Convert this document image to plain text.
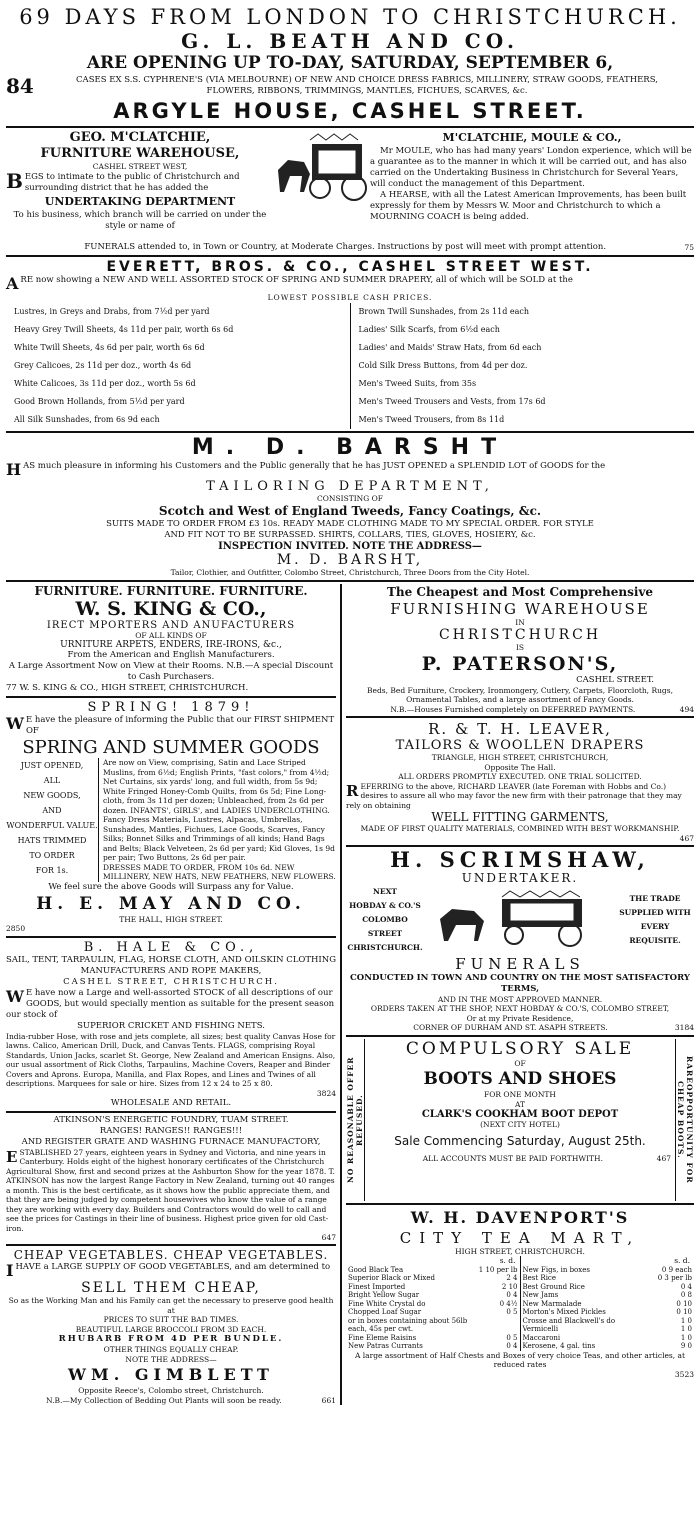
69 DAYS FROM LONDON TO CHRISTCHURCH.
G. L. BEATH AND CO.
ARE OPENING UP TO-DAY, SATURDAY, SEPTEMBER 6,
84	CASES EX S.S. CYPHRENE'S (VIA MELBOURNE) OF NEW AND CHOICE DRESS FABRICS, MILLINERY, STRAW GOODS, FEATHERS,
FLOWERS, RIBBONS, TRIMMINGS, MANTLES, FICHUES, SCARVES, &c.
ARGYLE HOUSE, CASHEL STREET.
GEO. M'CLATCHIE,
FURNITURE WAREHOUSE,
CASHEL STREET WEST,
BEGS to intimate to the public of Christchurch and surrounding district that he has added the
UNDERTAKING DEPARTMENT
To his business, which branch will be carried on under the style or name of
M'CLATCHIE, MOULE & CO.,
Mr MOULE, who has had many years' London experience, which will be a guarantee as to the manner in which it will be carried out, and has also carried on the Undertaking Business in Christchurch for Several Years, will conduct the management of this Department.
A HEARSE, with all the Latest American Improvements, has been built expressly for them by Messrs W. Moor and Christchurch to which a MOURNING COACH is being added.
FUNERALS attended to, in Town or Country, at Moderate Charges. Instructions by post will meet with prompt attention.	75
EVERETT, BROS. & CO., CASHEL STREET WEST.
ARE now showing a NEW AND WELL ASSORTED STOCK OF SPRING AND SUMMER DRAPERY, all of which will be SOLD at the
LOWEST POSSIBLE CASH PRICES.
Lustres, in Greys and Drabs, from 7½d per yard
Heavy Grey Twill Sheets, 4s 11d per pair, worth 6s 6d
White Twill Sheets, 4s 6d per pair, worth 6s 6d
Grey Calicoes, 2s 11d per doz., worth 4s 6d
White Calicoes, 3s 11d per doz., worth 5s 6d
Good Brown Hollands, from 5½d per yard
All Silk Sunshades, from 6s 9d each
Brown Twill Sunshades, from 2s 11d each
Ladies' Silk Scarfs, from 6½d each
Ladies' and Maids' Straw Hats, from 6d each
Cold Silk Dress Buttons, from 4d per doz.
Men's Tweed Suits, from 35s
Men's Tweed Trousers and Vests, from 17s 6d
Men's Tweed Trousers, from 8s 11d
M. D. BARSHT
HAS much pleasure in informing his Customers and the Public generally that he has JUST OPENED a SPLENDID LOT of GOODS for the
TAILORING DEPARTMENT,
CONSISTING OF
Scotch and West of England Tweeds, Fancy Coatings, &c.
SUITS MADE TO ORDER FROM £3 10s. READY MADE CLOTHING MADE TO MY SPECIAL ORDER. FOR STYLE
AND FIT NOT TO BE SURPASSED. SHIRTS, COLLARS, TIES, GLOVES, HOSIERY, &c.
INSPECTION INVITED. NOTE THE ADDRESS—
M. D. BARSHT,
Tailor, Clothier, and Outfitter, Colombo Street, Christchurch, Three Doors from the City Hotel.
FURNITURE. FURNITURE. FURNITURE.
W. S. KING & CO.,
IRECT MPORTERS AND ANUFACTURERS
OF ALL KINDS OF
URNITURE ARPETS, ENDERS, IRE-IRONS, &c.,
From the American and English Manufacturers.
A Large Assortment Now on View at their Rooms. N.B.—A special Discount to Cash Purchasers.
77 W. S. KING & CO., HIGH STREET, CHRISTCHURCH.
SPRING! 1879!
W E have the pleasure of informing the Public that our FIRST SHIPMENT OF
SPRING AND SUMMER GOODS
JUST OPENED,
ALL
NEW GOODS,
AND
WONDERFUL VALUE.
HATS TRIMMED
TO ORDER
FOR 1s.
Are now on View, comprising, Satin and Lace Striped Muslins, from 6½d; English Prints, "fast colors," from 4½d; Net Curtains, six yards' long, and full width, from 5s 9d; White Fringed Honey-Comb Quilts, from 6s 5d; Fine Long-cloth, from 3s 11d per dozen; Unbleached, from 2s 6d per dozen. INFANTS', GIRLS', and LADIES UNDERCLOTHING. Fancy Dress Materials, Lustres, Alpacas, Umbrellas, Sunshades, Mantles, Fichues, Lace Goods, Scarves, Fancy Silks; Bonnet Silks and Trimmings of all kinds; Hand Bags and Belts; Black Velveteen, 2s 6d per yard; Kid Gloves, 1s 9d per pair; Two Buttons, 2s 6d per pair.
DRESSES MADE TO ORDER, FROM 10s 6d. NEW MILLINERY, NEW HATS, NEW FEATHERS, NEW FLOWERS.
We feel sure the above Goods will Surpass any for Value.
H. E. MAY AND CO.
THE HALL, HIGH STREET.
2850
B. HALE & CO.,
SAIL, TENT, TARPAULIN, FLAG, HORSE CLOTH, AND OILSKIN CLOTHING
MANUFACTURERS AND ROPE MAKERS,
CASHEL STREET, CHRISTCHURCH.
W E have now a Large and well-assorted STOCK of all descriptions of our GOODS, but would specially mention as suitable for the present season our stock of
SUPERIOR CRICKET AND FISHING NETS.
India-rubber Hose, with rose and jets complete, all sizes; best quality Canvas Hose for lawns. Calico, American Drill, Duck, and Canvas Tents. FLAGS, comprising Royal Standards, Union Jacks, scarlet St. George, New Zealand and American Ensigns. Also, our usual assortment of Rick Cloths, Tarpaulins, Machine Covers, Reaper and Binder Covers and Aprons. Europa, Manilla, and Flax Ropes, and Lines and Twines of all descriptions. Marquees for sale or hire. Sizes from 12 x 24 to 25 x 80.
3824
WHOLESALE AND RETAIL.
ATKINSON'S ENERGETIC FOUNDRY, TUAM STREET.
RANGES! RANGES!! RANGES!!!
AND REGISTER GRATE AND WASHING FURNACE MANUFACTORY,
ESTABLISHED 27 years, eighteen years in Sydney and Victoria, and nine years in Canterbury. Holds eight of the highest honorary certificates of the Christchurch Agricultural Show, first and second prizes at the Ashburton Show for the year 1878. T. ATKINSON has now the largest Range Factory in New Zealand, turning out 40 ranges a month. This is the best certificate, as it shows how the public appreciate them, and that they are being judged by competent housewives who know the value of a range they are working with every day. Builders and Contractors would do well to call and see the prices for Castings in their line of business. Highest price given for old Cast-iron.
647
CHEAP VEGETABLES. CHEAP VEGETABLES.
IHAVE a LARGE SUPPLY OF GOOD VEGETABLES, and am determined to
SELL THEM CHEAP,
So as the Working Man and his Family can get the necessary to preserve good health at
PRICES TO SUIT THE BAD TIMES.
BEAUTIFUL LARGE BROCCOLI FROM 3D EACH.
RHUBARB FROM 4D PER BUNDLE.
OTHER THINGS EQUALLY CHEAP.
NOTE THE ADDRESS—
WM. GIMBLETT
Opposite Reece's, Colombo street, Christchurch.
N.B.—My Collection of Bedding Out Plants will soon be ready.	661
The Cheapest and Most Comprehensive
FURNISHING WAREHOUSE
IN
CHRISTCHURCH
IS
P. PATERSON'S,
CASHEL STREET.
Beds, Bed Furniture, Crockery, Ironmongery, Cutlery, Carpets, Floorcloth, Rugs, Ornamental Tables, and a large assortment of Fancy Goods.
N.B.—Houses Furnished completely on DEFERRED PAYMENTS.	494
R. & T. H. LEAVER,
TAILORS & WOOLLEN DRAPERS
TRIANGLE, HIGH STREET, CHRISTCHURCH,
Opposite The Hall.
ALL ORDERS PROMPTLY EXECUTED. ONE TRIAL SOLICITED.
REFERRING to the above, RICHARD LEAVER (late Foreman with Hobbs and Co.) desires to assure all who may favor the new firm with their patronage that they may rely on obtaining
WELL FITTING GARMENTS,
MADE OF FIRST QUALITY MATERIALS, COMBINED WITH BEST WORKMANSHIP.
467
H. SCRIMSHAW,
UNDERTAKER.
NEXT
HOBDAY & CO.'S
COLOMBO STREET
CHRISTCHURCH.
THE TRADE
SUPPLIED WITH
EVERY
REQUISITE.
FUNERALS
CONDUCTED IN TOWN AND COUNTRY ON THE MOST SATISFACTORY TERMS,
AND IN THE MOST APPROVED MANNER.
ORDERS TAKEN AT THE SHOP, NEXT HOBDAY & CO.'S, COLOMBO STREET,
Or at my Private Residence,
CORNER OF DURHAM AND ST. ASAPH STREETS.	3184
NO REASONABLE OFFER REFUSED.
COMPULSORY SALE
OF
BOOTS AND SHOES
FOR ONE MONTH
AT
CLARK'S COOKHAM BOOT DEPOT
(NEXT CITY HOTEL)
Sale Commencing Saturday, August 25th.
ALL ACCOUNTS MUST BE PAID FORTHWITH.	467	RAREOPPORTUNITY FOR CHEAP BOOTS.
W. H. DAVENPORT'S
CITY TEA MART,
HIGH STREET, CHRISTCHURCH.
s. d.
Good Black Tea	1 10 per lb
Superior Black or Mixed	2 4
Finest Imported	2 10
Bright Yellow Sugar	0 4
Fine White Crystal do	0 4½
Chopped Loaf Sugar	0 5
or in boxes containing about 56lb each, 45s per cwt.	
Fine Eleme Raisins	0 5
New Patras Currants	0 4
s. d.
New Figs, in boxes	0 9 each
Best Rice	0 3 per lb
Best Ground Rice	0 4
New Jams	0 8
New Marmalade	0 10
Morton's Mixed Pickles	0 10
Crosse and Blackwell's do	1 0
Vermicelli	1 0
Maccaroni	1 0
Kerosene, 4 gal. tins	9 0
A large assortment of Half Chests and Boxes of very choice Teas, and other articles, at reduced rates
3523
